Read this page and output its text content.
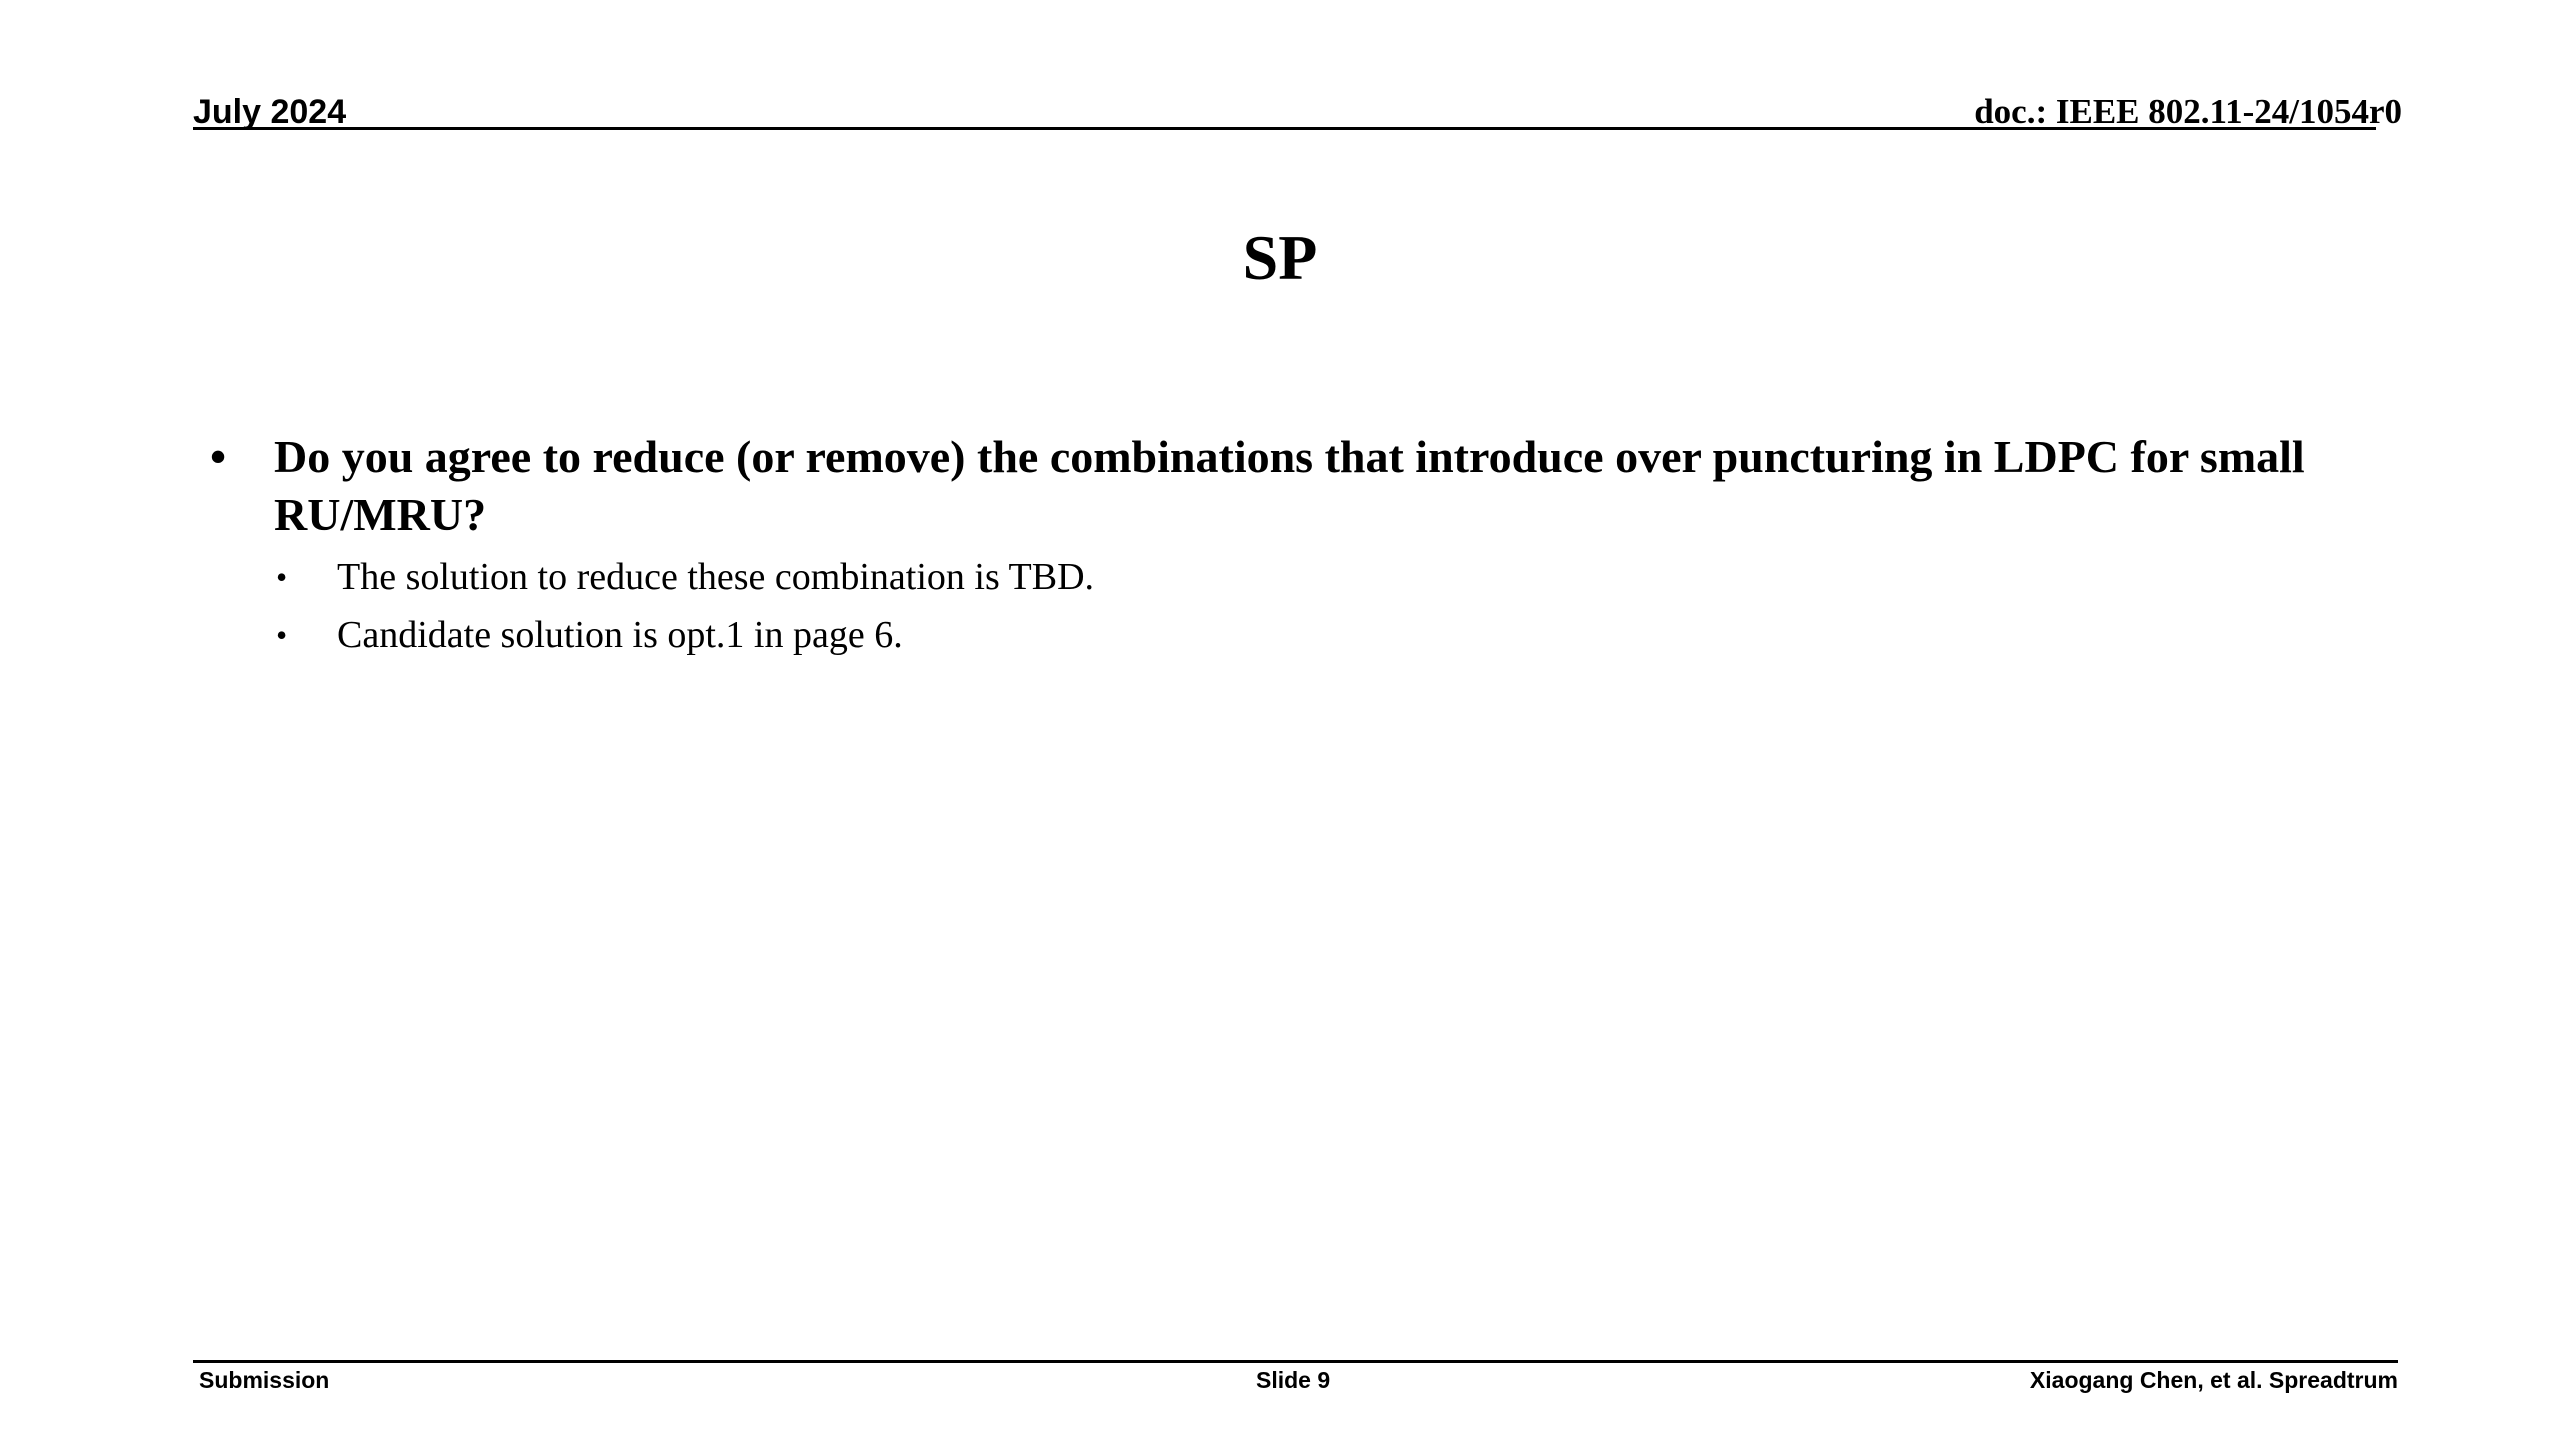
July 2024	doc.: IEEE 802.11-24/1054r0
SP
• Do you agree to reduce (or remove) the combinations that introduce over puncturing in LDPC for small RU/MRU?
• The solution to reduce these combination is TBD.
• Candidate solution is opt.1 in page 6.
Submission	Slide 9	Xiaogang Chen, et al. Spreadtrum
